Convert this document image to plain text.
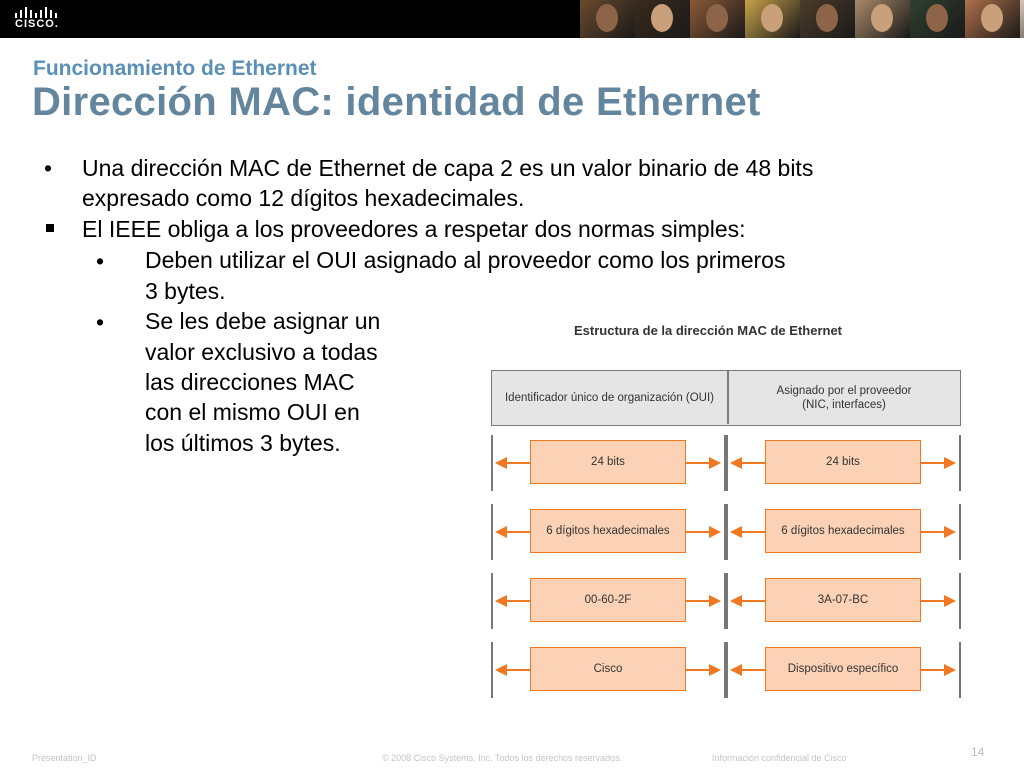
CISCO.
Funcionamiento de Ethernet
Dirección MAC: identidad de Ethernet
• Una dirección MAC de Ethernet de capa 2 es un valor binario de 48 bits
expresado como 12 dígitos hexadecimales.
El IEEE obliga a los proveedores a respetar dos normas simples:
• Deben utilizar el OUI asignado al proveedor como los primeros
3 bytes.
• Se les debe asignar un
valor exclusivo a todas
las direcciones MAC
con el mismo OUI en
los últimos 3 bytes.
Estructura de la dirección MAC de Ethernet
Identificador único de organización (OUI)
Asignado por el proveedor
(NIC, interfaces)
24 bits	24 bits
6 dígitos hexadecimales	6 dígitos hexadecimales
00-60-2F	3A-07-BC
Cisco	Dispositivo específico
Presentation_ID	© 2008 Cisco Systems, Inc. Todos los derechos reservados.	Información confidencial de Cisco	14
